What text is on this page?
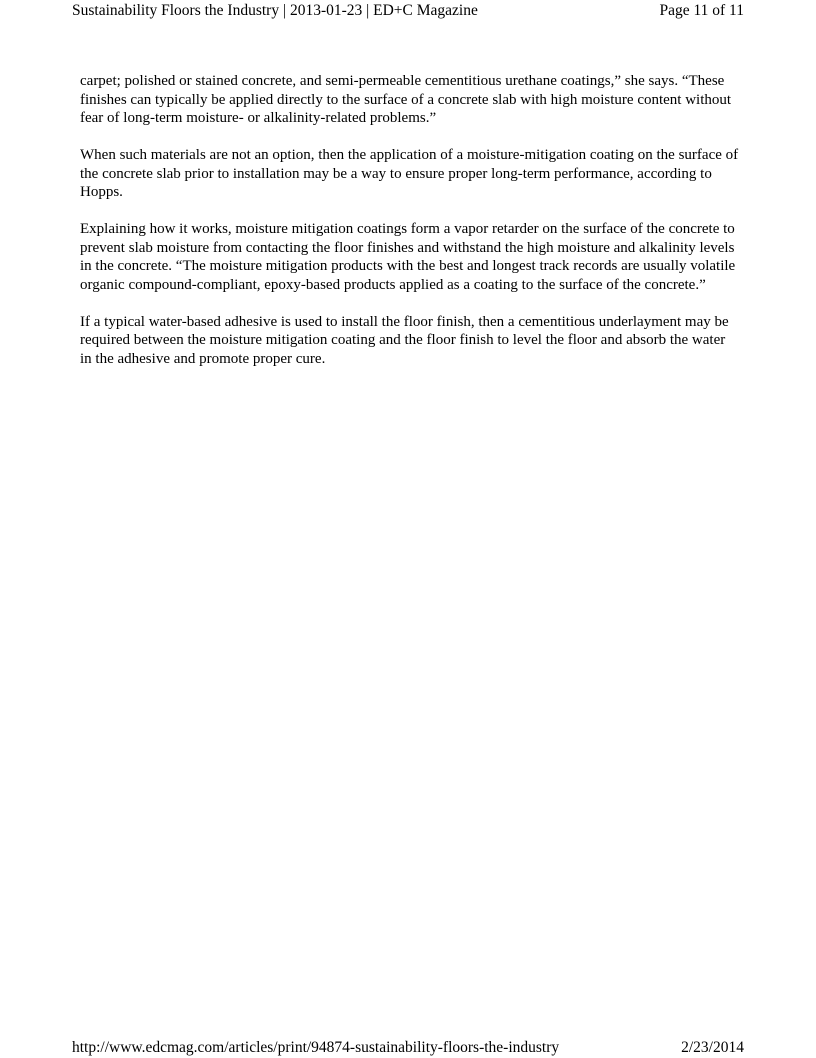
Sustainability Floors the Industry | 2013-01-23 | ED+C Magazine	Page 11 of 11

carpet; polished or stained concrete, and semi-permeable cementitious urethane coatings,” she says. “These finishes can typically be applied directly to the surface of a concrete slab with high moisture content without fear of long-term moisture- or alkalinity-related problems.”

When such materials are not an option, then the application of a moisture-mitigation coating on the surface of the concrete slab prior to installation may be a way to ensure proper long-term performance, according to Hopps.

Explaining how it works, moisture mitigation coatings form a vapor retarder on the surface of the concrete to prevent slab moisture from contacting the floor finishes and withstand the high moisture and alkalinity levels in the concrete. “The moisture mitigation products with the best and longest track records are usually volatile organic compound-compliant, epoxy-based products applied as a coating to the surface of the concrete.”

If a typical water-based adhesive is used to install the floor finish, then a cementitious underlayment may be required between the moisture mitigation coating and the floor finish to level the floor and absorb the water in the adhesive and promote proper cure.

http://www.edcmag.com/articles/print/94874-sustainability-floors-the-industry	2/23/2014
